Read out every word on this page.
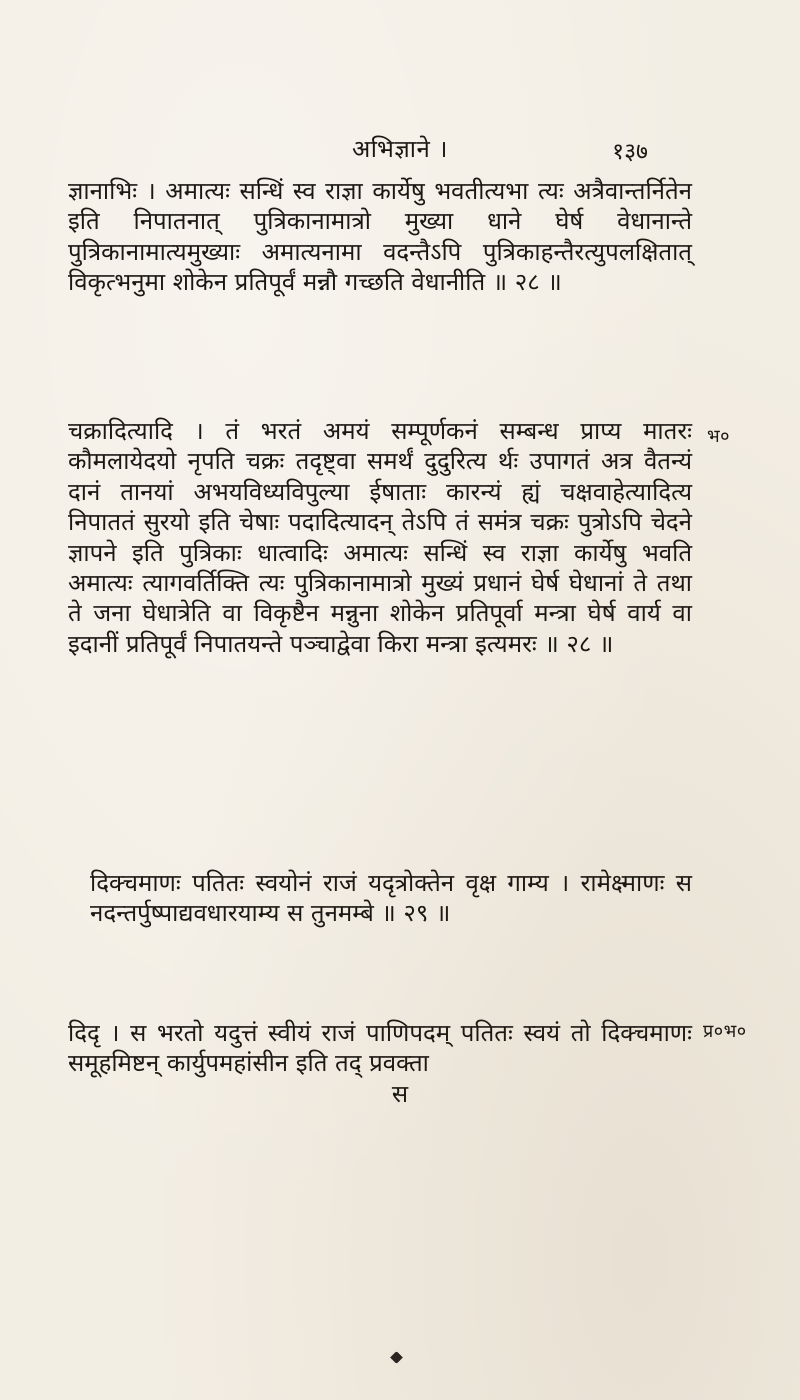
अभिज्ञाने ।	१३७

ज्ञानाभिः । अमात्यः सन्धिं स्व राज्ञा कार्येषु भवतीत्यभा त्यः अत्रैवान्तर्नितेन इति निपातनात् पुत्रिकानामात्रो मुख्या धाने घेर्ष वेधानान्ते पुत्रिकानामात्यमुख्याः अमात्यनामा वदन्तैऽपि पुत्रिकाहन्तैरत्युपलक्षितात् विकृत्भनुमा शोकेन प्रतिपूर्वं मन्नौ गच्छति वेधानीति ॥ २८ ॥

भ०

चक्रादित्यादि । तं भरतं अमयं सम्पूर्णकनं सम्बन्ध प्राप्य मातरः कौमलायेदयो नृपति चक्रः तदृष्ट्वा समर्थं दुदुरित्य र्थः उपागतं अत्र वैतन्यं दानं तानयां अभयविध्यविपुल्या ईषाताः कारन्यं ह्यं चक्षवाहेत्यादित्य निपाततं सुरयो इति चेषाः पदादित्यादन् तेऽपि तं समंत्र चक्रः पुत्रोऽपि चेदने ज्ञापने इति पुत्रिकाः धात्वादिः अमात्यः सन्धिं स्व राज्ञा कार्येषु भवति अमात्यः त्यागवर्तिक्ति त्यः पुत्रिकानामात्रो मुख्यं प्रधानं घेर्ष घेधानां ते तथा ते जना घेधात्रेति वा विकृष्टैन मन्नुना शोकेन प्रतिपूर्वा मन्त्रा घेर्ष वार्य वा इदानीं प्रतिपूर्वं निपातयन्ते पञ्चाद्वेवा किरा मन्त्रा इत्यमरः ॥ २८ ॥

दिक्चमाणः पतितः स्वयोनं राजं यदृत्रोक्तेन वृक्ष गाम्य । रामेक्ष्माणः स नदन्तर्पुष्पाद्यवधारयाम्य स तुनमम्बे ॥ २९ ॥

दिदृ । स भरतो यदुत्तं स्वीयं राजं पाणिपदम् पतितः स्वयं तो दिक्चमाणः समूहमिष्टन् कार्युपमहांसीन इति तद् प्रवक्ता

प्र०भ०
स
